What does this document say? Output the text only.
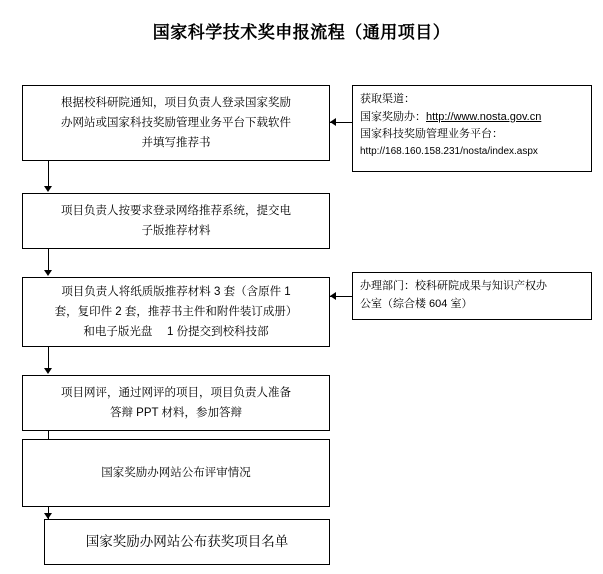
国家科学技术奖申报流程（通用项目）
根据校科研院通知，项目负责人登录国家奖励
办网站或国家科技奖励管理业务平台下载软件
并填写推荐书
项目负责人按要求登录网络推荐系统，提交电
子版推荐材料
项目负责人将纸质版推荐材料 3 套（含原件 1
套，复印件 2 套，推荐书主件和附件装订成册）
和电子版光盘　 1 份提交到校科技部
项目网评，通过网评的项目，项目负责人准备
答辩 PPT 材料，参加答辩
国家奖励办网站公布评审情况
国家奖励办网站公布获奖项目名单
获取渠道：
国家奖励办：http://www.nosta.gov.cn
国家科技奖励管理业务平台：
http://168.160.158.231/nosta/index.aspx
办理部门：校科研院成果与知识产权办
公室（综合楼 604 室）
